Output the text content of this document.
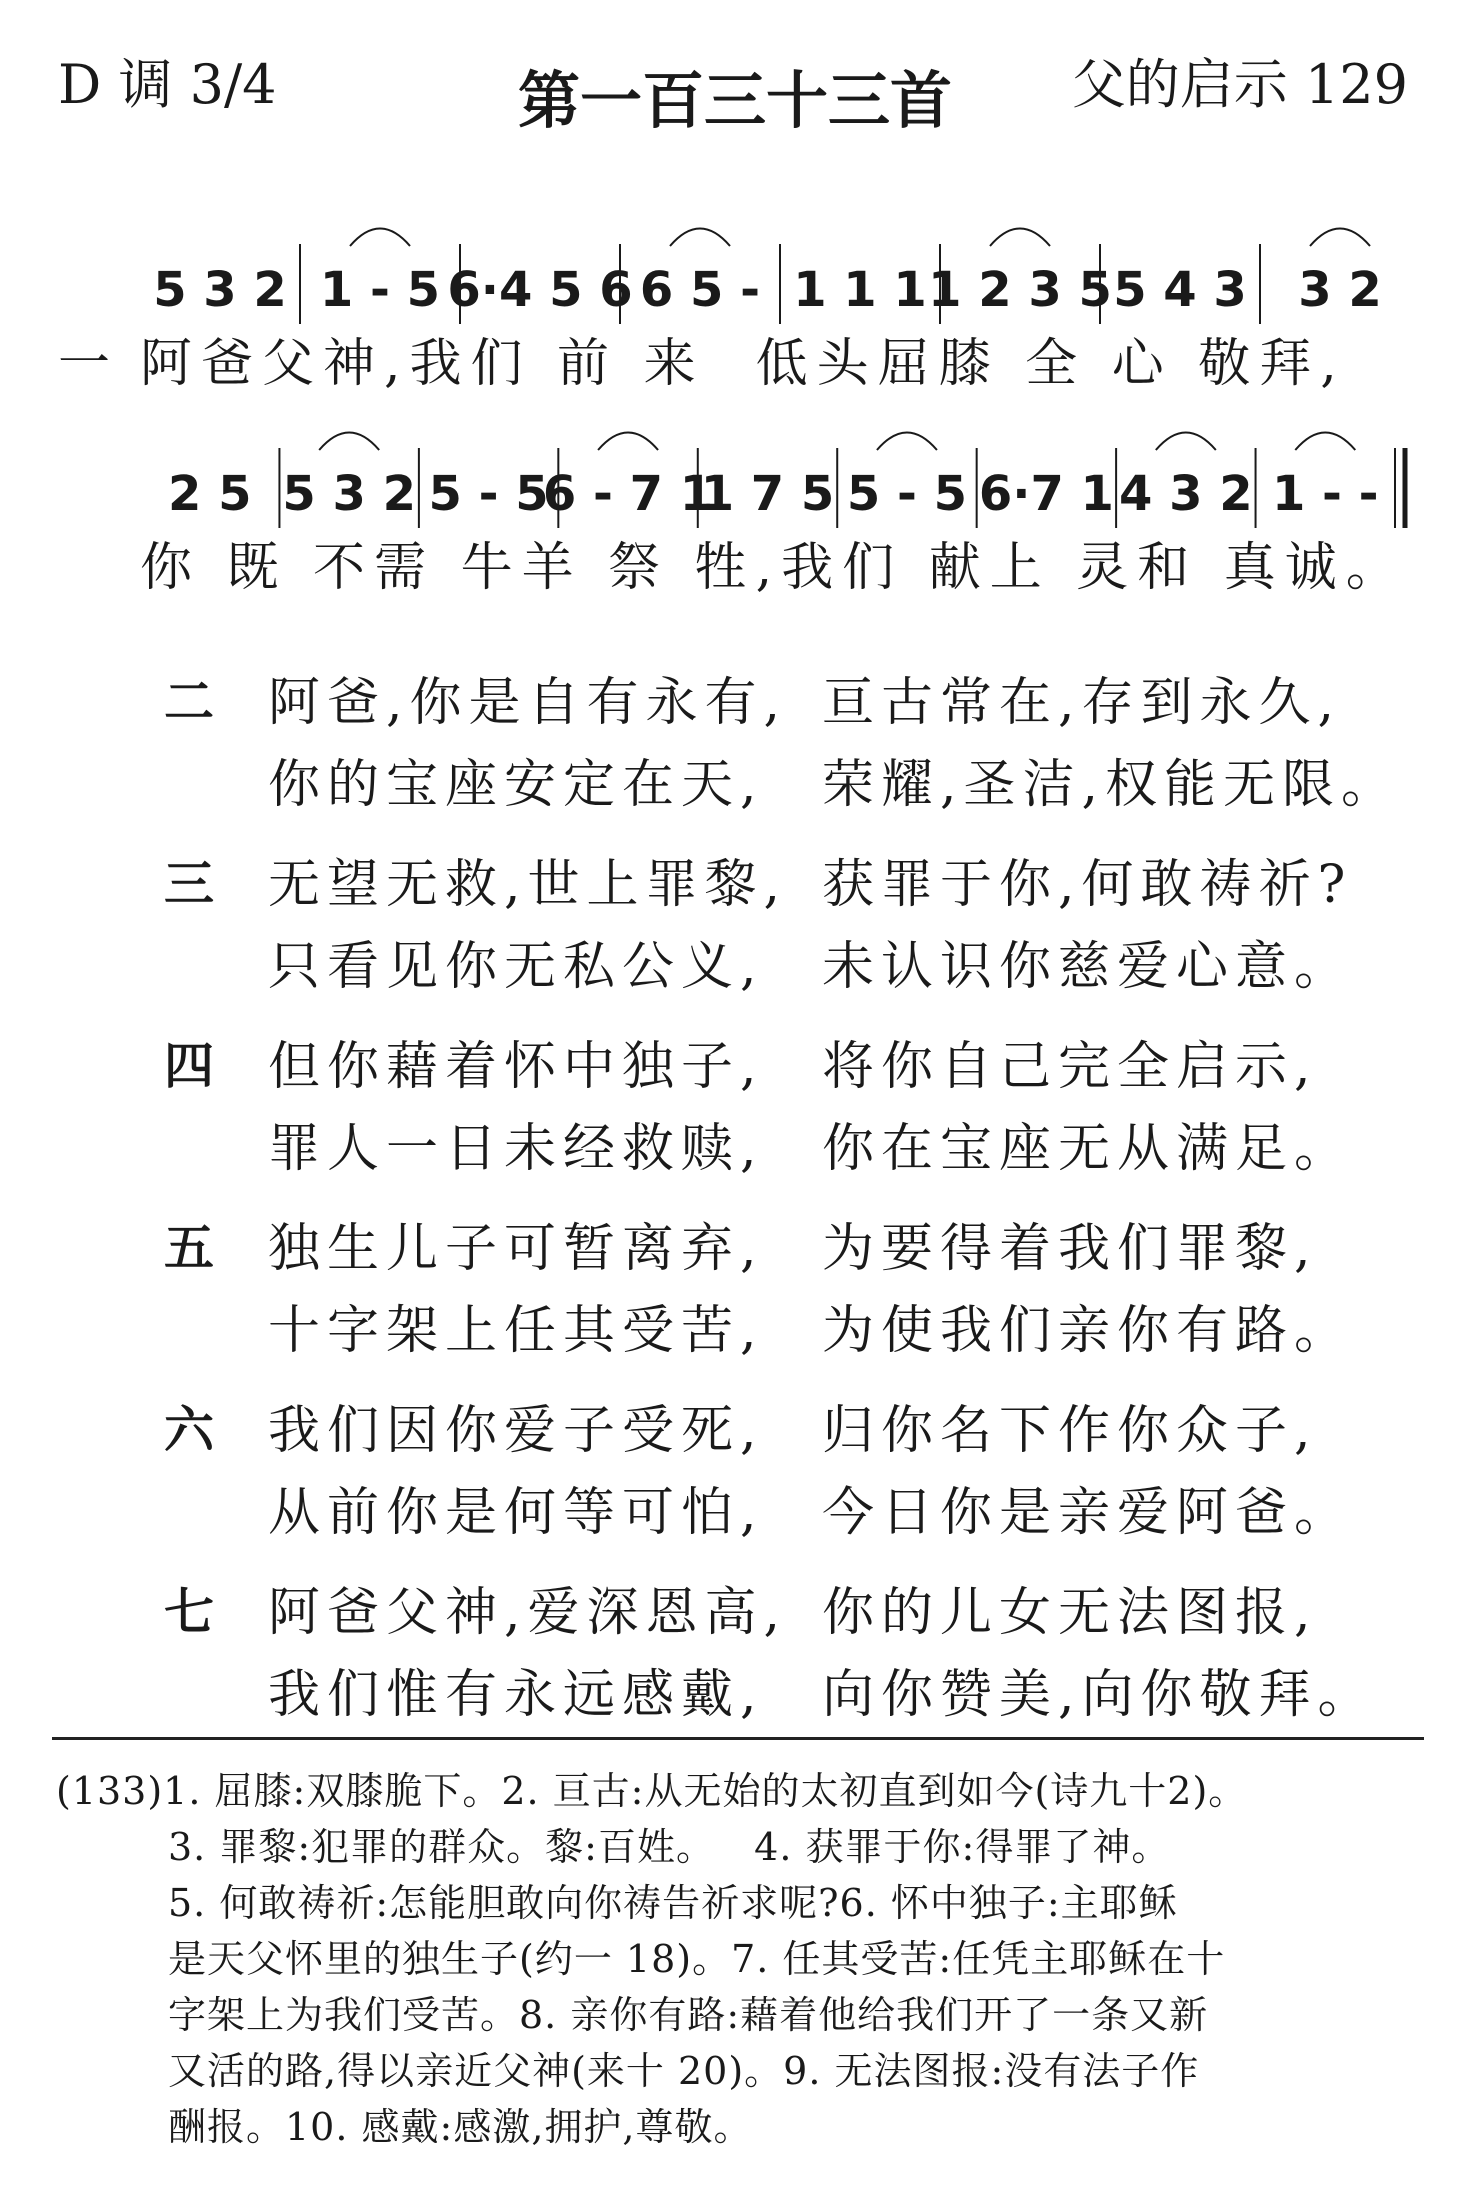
D 调 3/4	第一百三十三首	父的启示 129
5 3 2 1 - 5 6·4 5 6 6 5 - 1 1 1 1 2 3 5 5 4 3 3 2
2 5 5 3 2 5 - 5
6 - 7 1
1 7 5 5 - 5 6·7 1 4 3 2 1 - -
一 阿爸父神,我们 前 来  低头屈膝 全 心 敬拜,
你 既 不需 牛羊 祭 牲,我们 献上 灵和 真诚。
二 阿爸,你是自有永有, 亘古常在,存到永久,
你的宝座安定在天, 荣耀,圣洁,权能无限。
三 无望无救,世上罪黎, 获罪于你,何敢祷祈?
只看见你无私公义, 未认识你慈爱心意。
四 但你藉着怀中独子, 将你自己完全启示,
罪人一日未经救赎, 你在宝座无从满足。
五 独生儿子可暂离弃, 为要得着我们罪黎,
十字架上任其受苦, 为使我们亲你有路。
六 我们因你爱子受死, 归你名下作你众子,
从前你是何等可怕, 今日你是亲爱阿爸。
七 阿爸父神,爱深恩高, 你的儿女无法图报,
我们惟有永远感戴, 向你赞美,向你敬拜。
(133)1. 屈膝:双膝脆下。2. 亘古:从无始的太初直到如今(诗九十2)。
3. 罪黎:犯罪的群众。黎:百姓。   4. 获罪于你:得罪了神。
5. 何敢祷祈:怎能胆敢向你祷告祈求呢?6. 怀中独子:主耶稣
是天父怀里的独生子(约一 18)。7. 任其受苦:任凭主耶稣在十
字架上为我们受苦。8. 亲你有路:藉着他给我们开了一条又新
又活的路,得以亲近父神(来十 20)。9. 无法图报:没有法子作
酬报。10. 感戴:感激,拥护,尊敬。
